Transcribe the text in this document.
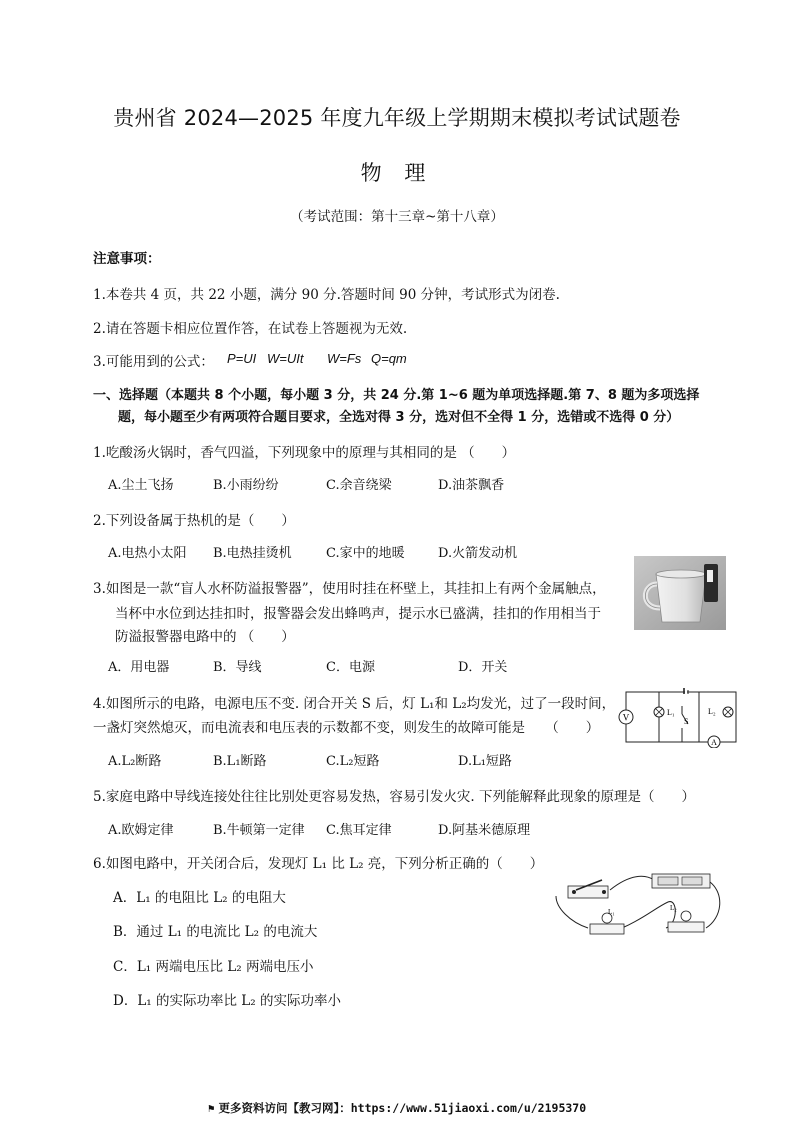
贵州省 2024—2025 年度九年级上学期期末模拟考试试题卷
物 理
（考试范围：第十三章~第十八章）
注意事项：
1.本卷共 4 页，共 22 小题，满分 90 分.答题时间 90 分钟，考试形式为闭卷.
2.请在答题卡相应位置作答，在试卷上答题视为无效.
3.可能用到的公式： P=UI W=UIt W=Fs Q=qm
一、选择题（本题共 8 个小题，每小题 3 分，共 24 分.第 1~6 题为单项选择题.第 7、8 题为多项选择
题，每小题至少有两项符合题目要求，全选对得 3 分，选对但不全得 1 分，选错或不选得 0 分）
1.吃酸汤火锅时，香气四溢，下列现象中的原理与其相同的是 （　　）
A.尘土飞扬	B.小雨纷纷	C.余音绕梁	D.油茶飘香
2.下列设备属于热机的是（　　）
A.电热小太阳 B.电热挂烫机	C.家中的地暖	D.火箭发动机
3.如图是一款“盲人水杯防溢报警器”，使用时挂在杯壁上，其挂扣上有两个金属触点，
当杯中水位到达挂扣时，报警器会发出蜂鸣声，提示水已盛满，挂扣的作用相当于
防溢报警器电路中的 （　　）
A．用电器	B．导线	C．电源	D．开关
4.如图所示的电路，电源电压不变. 闭合开关 S 后，灯 L₁和 L₂均发光，过了一段时间，
一盏灯突然熄灭，而电流表和电压表的示数都不变，则发生的故障可能是　　（　　）
A.L₂断路	B.L₁断路	C.L₂短路	D.L₁短路
V	L₁
S
L₂
A
5.家庭电路中导线连接处往往比别处更容易发热，容易引发火灾. 下列能解释此现象的原理是（　　）
A.欧姆定律	B.牛顿第一定律 C.焦耳定律	D.阿基米德原理
6.如图电路中，开关闭合后，发现灯 L₁ 比 L₂ 亮，下列分析正确的（　　）
A．L₁ 的电阻比 L₂ 的电阻大
B．通过 L₁ 的电流比 L₂ 的电流大
C．L₁ 两端电压比 L₂ 两端电压小
D．L₁ 的实际功率比 L₂ 的实际功率小
L₁	L₂
⚑ 更多资料访问【教习网】：https://www.51jiaoxi.com/u/2195370
